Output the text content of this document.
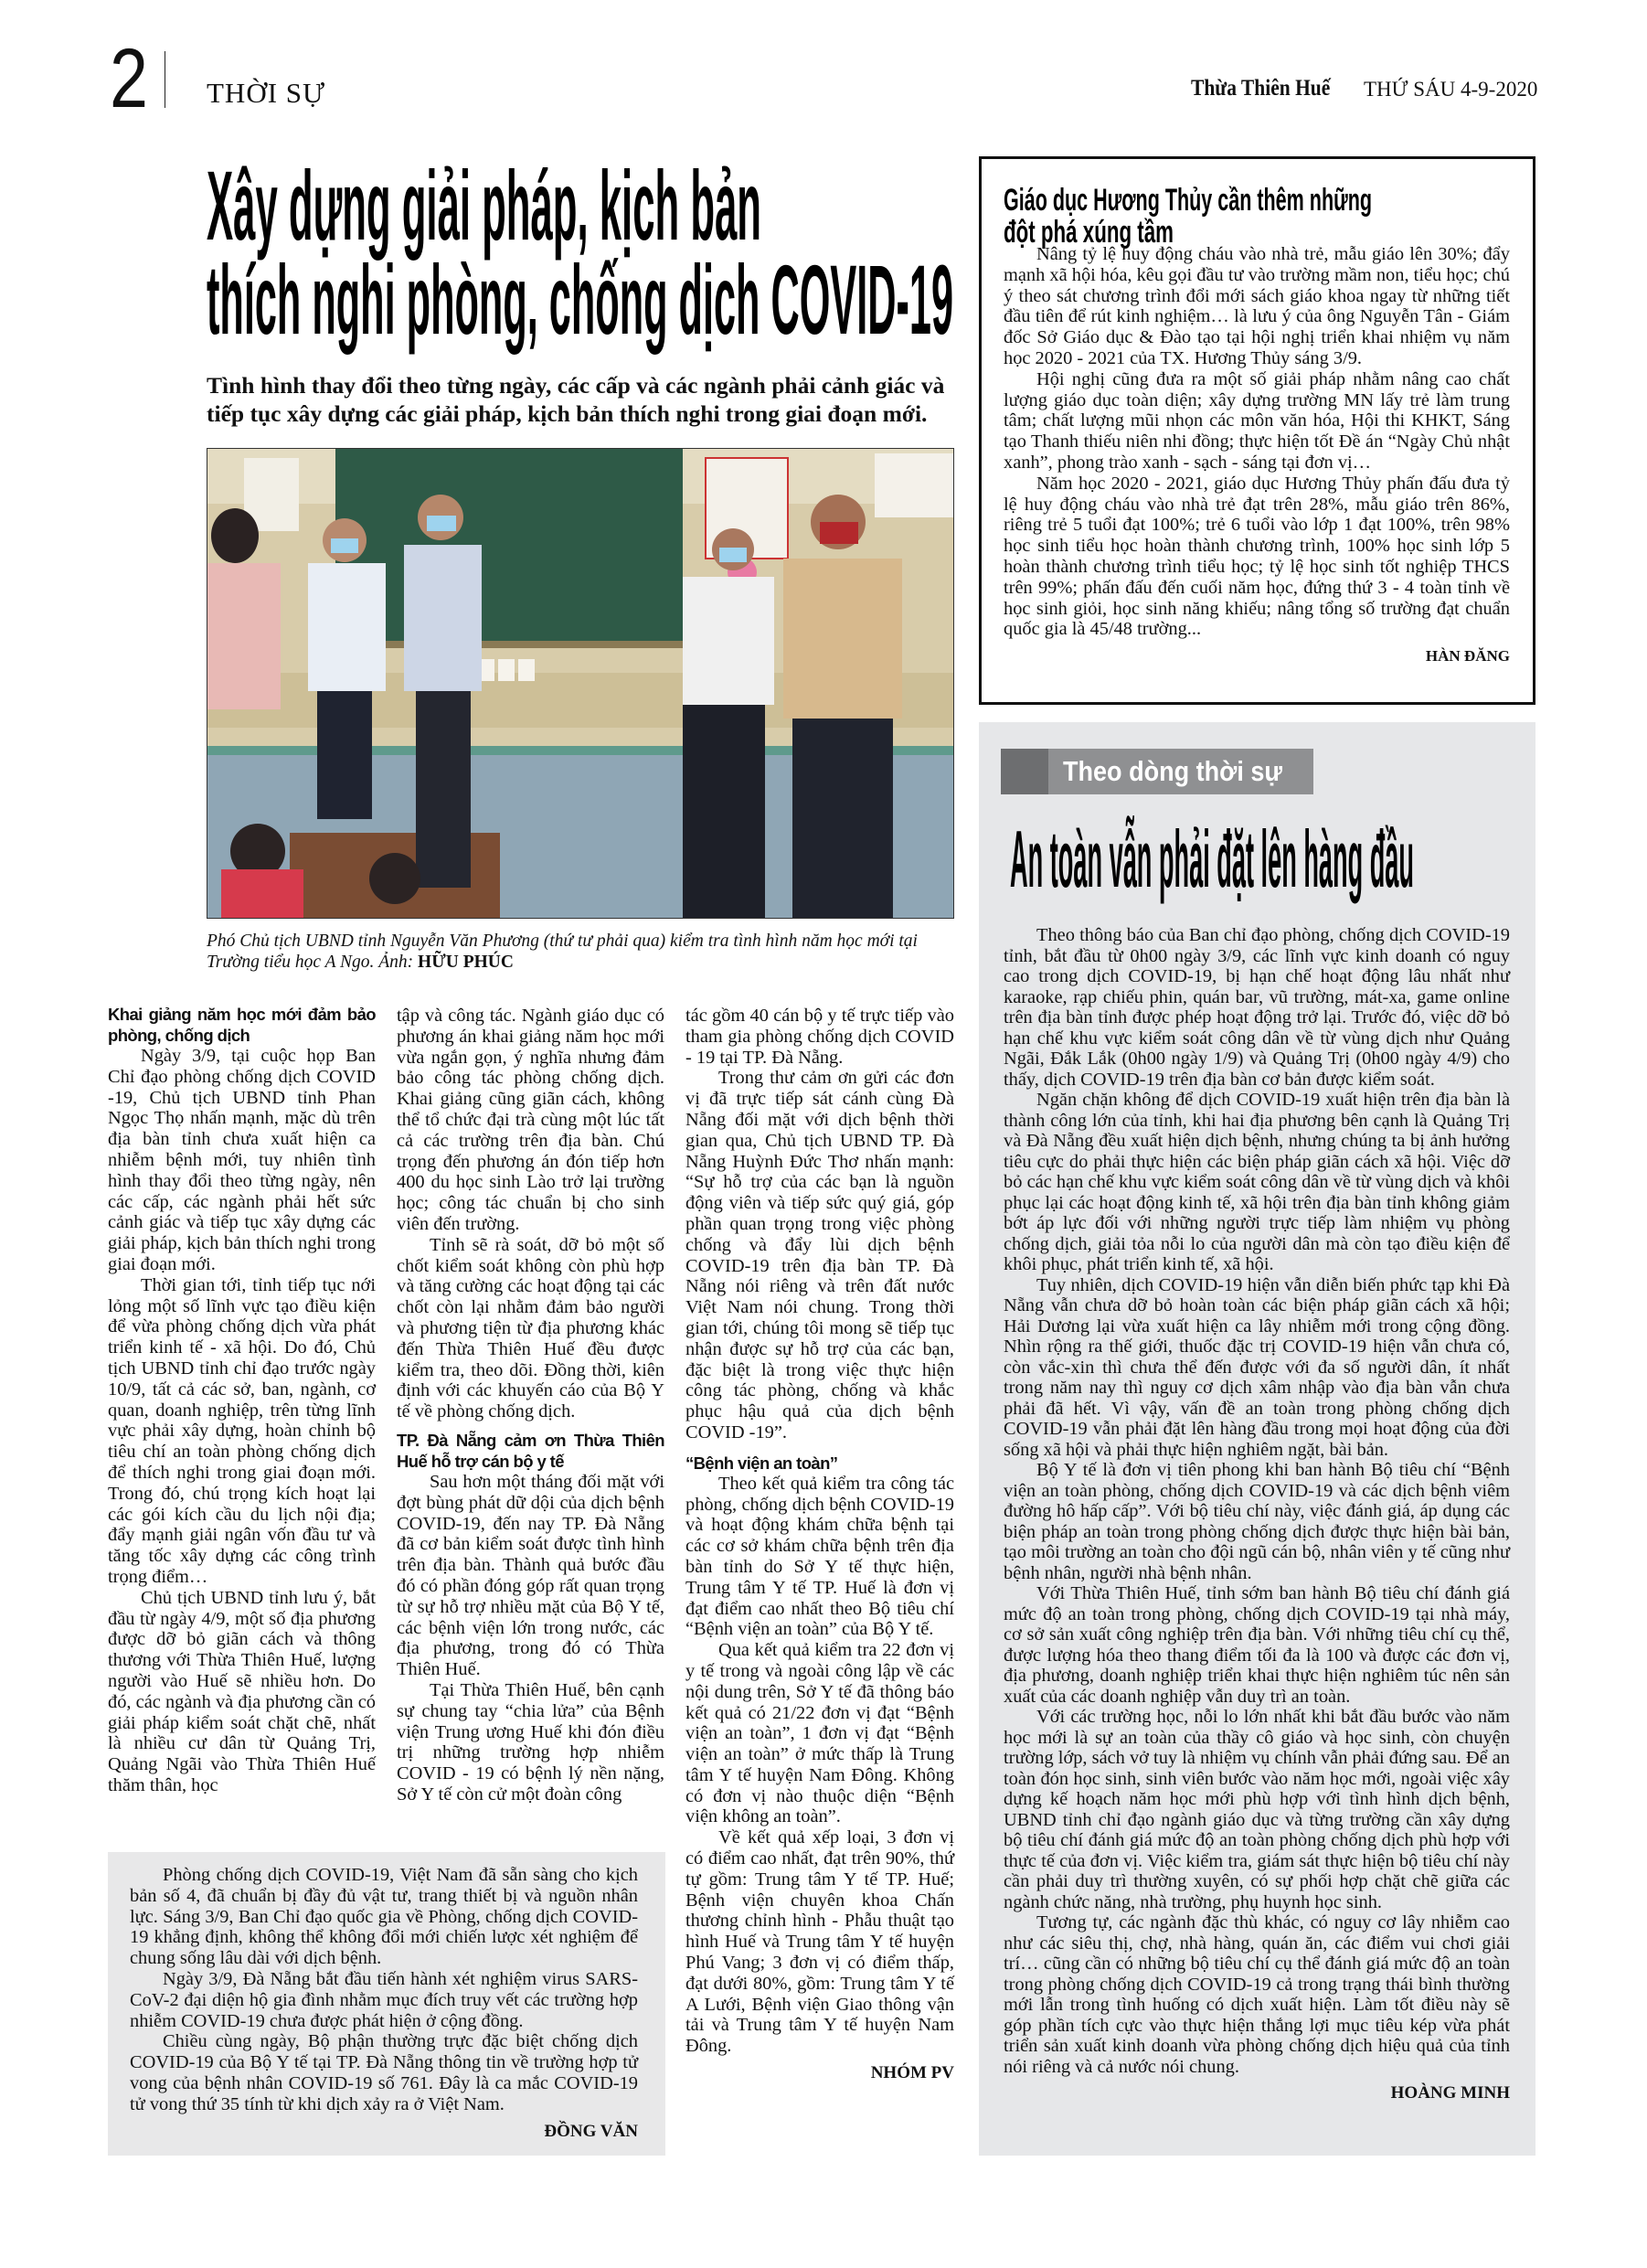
2 THỜI SỰ	Thừa Thiên Huế THỨ SÁU 4-9-2020
Xây dựng giải pháp, kịch bản
thích nghi phòng, chống dịch COVID-19
Tình hình thay đổi theo từng ngày, các cấp và các ngành phải cảnh giác và tiếp tục xây dựng các giải pháp, kịch bản thích nghi trong giai đoạn mới.
Phó Chủ tịch UBND tỉnh Nguyễn Văn Phương (thứ tư phải qua) kiểm tra tình hình năm học mới tại Trường tiểu học A Ngo. Ảnh: HỮU PHÚC
Khai giảng năm học mới đảm bảo phòng, chống dịch

Ngày 3/9, tại cuộc họp Ban Chỉ đạo phòng chống dịch COVID -19, Chủ tịch UBND tỉnh Phan Ngọc Thọ nhấn mạnh, mặc dù trên địa bàn tỉnh chưa xuất hiện ca nhiễm bệnh mới, tuy nhiên tình hình thay đổi theo từng ngày, nên các cấp, các ngành phải hết sức cảnh giác và tiếp tục xây dựng các giải pháp, kịch bản thích nghi trong giai đoạn mới.

Thời gian tới, tỉnh tiếp tục nới lỏng một số lĩnh vực tạo điều kiện để vừa phòng chống dịch vừa phát triển kinh tế - xã hội. Do đó, Chủ tịch UBND tỉnh chỉ đạo trước ngày 10/9, tất cả các sở, ban, ngành, cơ quan, doanh nghiệp, trên từng lĩnh vực phải xây dựng, hoàn chỉnh bộ tiêu chí an toàn phòng chống dịch để thích nghi trong giai đoạn mới. Trong đó, chú trọng kích hoạt lại các gói kích cầu du lịch nội địa; đẩy mạnh giải ngân vốn đầu tư và tăng tốc xây dựng các công trình trọng điểm…

Chủ tịch UBND tỉnh lưu ý, bắt đầu từ ngày 4/9, một số địa phương được dỡ bỏ giãn cách và thông thương với Thừa Thiên Huế, lượng người vào Huế sẽ nhiều hơn. Do đó, các ngành và địa phương cần có giải pháp kiểm soát chặt chẽ, nhất là nhiều cư dân từ Quảng Trị, Quảng Ngãi vào Thừa Thiên Huế thăm thân, học

tập và công tác. Ngành giáo dục có phương án khai giảng năm học mới vừa ngắn gọn, ý nghĩa nhưng đảm bảo công tác phòng chống dịch. Khai giảng cũng giãn cách, không thể tổ chức đại trà cùng một lúc tất cả các trường trên địa bàn. Chú trọng đến phương án đón tiếp hơn 400 du học sinh Lào trở lại trường học; công tác chuẩn bị cho sinh viên đến trường.

Tỉnh sẽ rà soát, dỡ bỏ một số chốt kiểm soát không còn phù hợp và tăng cường các hoạt động tại các chốt còn lại nhằm đảm bảo người và phương tiện từ địa phương khác đến Thừa Thiên Huế đều được kiểm tra, theo dõi. Đồng thời, kiên định với các khuyến cáo của Bộ Y tế về phòng chống dịch.

TP. Đà Nẵng cảm ơn Thừa Thiên Huế hỗ trợ cán bộ y tế

Sau hơn một tháng đối mặt với đợt bùng phát dữ dội của dịch bệnh COVID-19, đến nay TP. Đà Nẵng đã cơ bản kiểm soát được tình hình trên địa bàn. Thành quả bước đầu đó có phần đóng góp rất quan trọng từ sự hỗ trợ nhiều mặt của Bộ Y tế, các bệnh viện lớn trong nước, các địa phương, trong đó có Thừa Thiên Huế.

Tại Thừa Thiên Huế, bên cạnh sự chung tay “chia lửa” của Bệnh viện Trung ương Huế khi đón điều trị những trường hợp nhiễm COVID - 19 có bệnh lý nền nặng, Sở Y tế còn cử một đoàn công

tác gồm 40 cán bộ y tế trực tiếp vào tham gia phòng chống dịch COVID - 19 tại TP. Đà Nẵng.

Trong thư cảm ơn gửi các đơn vị đã trực tiếp sát cánh cùng Đà Nẵng đối mặt với dịch bệnh thời gian qua, Chủ tịch UBND TP. Đà Nẵng Huỳnh Đức Thơ nhấn mạnh: “Sự hỗ trợ của các bạn là nguồn động viên và tiếp sức quý giá, góp phần quan trọng trong việc phòng chống và đẩy lùi dịch bệnh COVID-19 trên địa bàn TP. Đà Nẵng nói riêng và trên đất nước Việt Nam nói chung. Trong thời gian tới, chúng tôi mong sẽ tiếp tục nhận được sự hỗ trợ của các bạn, đặc biệt là trong việc thực hiện công tác phòng, chống và khắc phục hậu quả của dịch bệnh COVID -19”.

“Bệnh viện an toàn”

Theo kết quả kiểm tra công tác phòng, chống dịch bệnh COVID-19 và hoạt động khám chữa bệnh tại các cơ sở khám chữa bệnh trên địa bàn tỉnh do Sở Y tế thực hiện, Trung tâm Y tế TP. Huế là đơn vị đạt điểm cao nhất theo Bộ tiêu chí “Bệnh viện an toàn” của Bộ Y tế.

Qua kết quả kiểm tra 22 đơn vị y tế trong và ngoài công lập về các nội dung trên, Sở Y tế đã thông báo kết quả có 21/22 đơn vị đạt “Bệnh viện an toàn”, 1 đơn vị đạt “Bệnh viện an toàn” ở mức thấp là Trung tâm Y tế huyện Nam Đông. Không có đơn vị nào thuộc diện “Bệnh viện không an toàn”.

Về kết quả xếp loại, 3 đơn vị có điểm cao nhất, đạt trên 90%, thứ tự gồm: Trung tâm Y tế TP. Huế; Bệnh viện chuyên khoa Chấn thương chỉnh hình - Phẫu thuật tạo hình Huế và Trung tâm Y tế huyện Phú Vang; 3 đơn vị có điểm thấp, đạt dưới 80%, gồm: Trung tâm Y tế A Lưới, Bệnh viện Giao thông vận tải và Trung tâm Y tế huyện Nam Đông.

NHÓM PV

Phòng chống dịch COVID-19, Việt Nam đã sẵn sàng cho kịch bản số 4, đã chuẩn bị đầy đủ vật tư, trang thiết bị và nguồn nhân lực. Sáng 3/9, Ban Chỉ đạo quốc gia về Phòng, chống dịch COVID-19 khẳng định, không thể không đổi mới chiến lược xét nghiệm để chung sống lâu dài với dịch bệnh.

Ngày 3/9, Đà Nẵng bắt đầu tiến hành xét nghiệm virus SARS-CoV-2 đại diện hộ gia đình nhằm mục đích truy vết các trường hợp nhiễm COVID-19 chưa được phát hiện ở cộng đồng.

Chiều cùng ngày, Bộ phận thường trực đặc biệt chống dịch COVID-19 của Bộ Y tế tại TP. Đà Nẵng thông tin về trường hợp tử vong của bệnh nhân COVID-19 số 761. Đây là ca mắc COVID-19 tử vong thứ 35 tính từ khi dịch xảy ra ở Việt Nam.

ĐỒNG VĂN
Giáo dục Hương Thủy cần thêm những
đột phá xúng tầm

Nâng tỷ lệ huy động cháu vào nhà trẻ, mẫu giáo lên 30%; đẩy mạnh xã hội hóa, kêu gọi đầu tư vào trường mầm non, tiểu học; chú ý theo sát chương trình đổi mới sách giáo khoa ngay từ những tiết đầu tiên để rút kinh nghiệm… là lưu ý của ông Nguyễn Tân - Giám đốc Sở Giáo dục & Đào tạo tại hội nghị triển khai nhiệm vụ năm học 2020 - 2021 của TX. Hương Thủy sáng 3/9.

Hội nghị cũng đưa ra một số giải pháp nhằm nâng cao chất lượng giáo dục toàn diện; xây dựng trường MN lấy trẻ làm trung tâm; chất lượng mũi nhọn các môn văn hóa, Hội thi KHKT, Sáng tạo Thanh thiếu niên nhi đồng; thực hiện tốt Đề án “Ngày Chủ nhật xanh”, phong trào xanh - sạch - sáng tại đơn vị…

Năm học 2020 - 2021, giáo dục Hương Thủy phấn đấu đưa tỷ lệ huy động cháu vào nhà trẻ đạt trên 28%, mẫu giáo trên 86%, riêng trẻ 5 tuổi đạt 100%; trẻ 6 tuổi vào lớp 1 đạt 100%, trên 98% học sinh tiểu học hoàn thành chương trình, 100% học sinh lớp 5 hoàn thành chương trình tiểu học; tỷ lệ học sinh tốt nghiệp THCS trên 99%; phấn đấu đến cuối năm học, đứng thứ 3 - 4 toàn tỉnh về học sinh giỏi, học sinh năng khiếu; nâng tổng số trường đạt chuẩn quốc gia là 45/48 trường...

HÀN ĐĂNG
Theo dòng thời sự
An toàn vẫn phải đặt lên hàng đầu

Theo thông báo của Ban chỉ đạo phòng, chống dịch COVID-19 tỉnh, bắt đầu từ 0h00 ngày 3/9, các lĩnh vực kinh doanh có nguy cao trong dịch COVID-19, bị hạn chế hoạt động lâu nhất như karaoke, rạp chiếu phin, quán bar, vũ trường, mát-xa, game online trên địa bàn tỉnh được phép hoạt động trở lại. Trước đó, việc dỡ bỏ hạn chế khu vực kiểm soát công dân về từ vùng dịch như Quảng Ngãi, Đắk Lắk (0h00 ngày 1/9) và Quảng Trị (0h00 ngày 4/9) cho thấy, dịch COVID-19 trên địa bàn cơ bản được kiểm soát.

Ngăn chặn không để dịch COVID-19 xuất hiện trên địa bàn là thành công lớn của tỉnh, khi hai địa phương bên cạnh là Quảng Trị và Đà Nẵng đều xuất hiện dịch bệnh, nhưng chúng ta bị ảnh hưởng tiêu cực do phải thực hiện các biện pháp giãn cách xã hội. Việc dỡ bỏ các hạn chế khu vực kiểm soát công dân về từ vùng dịch và khôi phục lại các hoạt động kinh tế, xã hội trên địa bàn tỉnh không giảm bớt áp lực đối với những người trực tiếp làm nhiệm vụ phòng chống dịch, giải tỏa nỗi lo của người dân mà còn tạo điều kiện để khôi phục, phát triển kinh tế, xã hội.

Tuy nhiên, dịch COVID-19 hiện vẫn diễn biến phức tạp khi Đà Nẵng vẫn chưa dỡ bỏ hoàn toàn các biện pháp giãn cách xã hội; Hải Dương lại vừa xuất hiện ca lây nhiễm mới trong cộng đồng. Nhìn rộng ra thế giới, thuốc đặc trị COVID-19 hiện vẫn chưa có, còn vắc-xin thì chưa thể đến được với đa số người dân, ít nhất trong năm nay thì nguy cơ dịch xâm nhập vào địa bàn vẫn chưa phải đã hết. Vì vậy, vấn đề an toàn trong phòng chống dịch COVID-19 vẫn phải đặt lên hàng đầu trong mọi hoạt động của đời sống xã hội và phải thực hiện nghiêm ngặt, bài bản.

Bộ Y tế là đơn vị tiên phong khi ban hành Bộ tiêu chí “Bệnh viện an toàn phòng, chống dịch COVID-19 và các dịch bệnh viêm đường hô hấp cấp”. Với bộ tiêu chí này, việc đánh giá, áp dụng các biện pháp an toàn trong phòng chống dịch được thực hiện bài bản, tạo môi trường an toàn cho đội ngũ cán bộ, nhân viên y tế cũng như bệnh nhân, người nhà bệnh nhân.

Với Thừa Thiên Huế, tỉnh sớm ban hành Bộ tiêu chí đánh giá mức độ an toàn trong phòng, chống dịch COVID-19 tại nhà máy, cơ sở sản xuất công nghiệp trên địa bàn. Với những tiêu chí cụ thể, được lượng hóa theo thang điểm tối đa là 100 và được các đơn vị, địa phương, doanh nghiệp triển khai thực hiện nghiêm túc nên sản xuất của các doanh nghiệp vẫn duy trì an toàn.

Với các trường học, nỗi lo lớn nhất khi bắt đầu bước vào năm học mới là sự an toàn của thầy cô giáo và học sinh, còn chuyện trường lớp, sách vở tuy là nhiệm vụ chính vẫn phải đứng sau. Để an toàn đón học sinh, sinh viên bước vào năm học mới, ngoài việc xây dựng kế hoạch năm học mới phù hợp với tình hình dịch bệnh, UBND tỉnh chỉ đạo ngành giáo dục và từng trường cần xây dựng bộ tiêu chí đánh giá mức độ an toàn phòng chống dịch phù hợp với thực tế của đơn vị. Việc kiểm tra, giám sát thực hiện bộ tiêu chí này cần phải duy trì thường xuyên, có sự phối hợp chặt chẽ giữa các ngành chức năng, nhà trường, phụ huynh học sinh.

Tương tự, các ngành đặc thù khác, có nguy cơ lây nhiễm cao như các siêu thị, chợ, nhà hàng, quán ăn, các điểm vui chơi giải trí… cũng cần có những bộ tiêu chí cụ thể đánh giá mức độ an toàn trong phòng chống dịch COVID-19 cả trong trạng thái bình thường mới lẫn trong tình huống có dịch xuất hiện. Làm tốt điều này sẽ góp phần tích cực vào thực hiện thắng lợi mục tiêu kép vừa phát triển sản xuất kinh doanh vừa phòng chống dịch hiệu quả của tỉnh nói riêng và cả nước nói chung.

HOÀNG MINH
